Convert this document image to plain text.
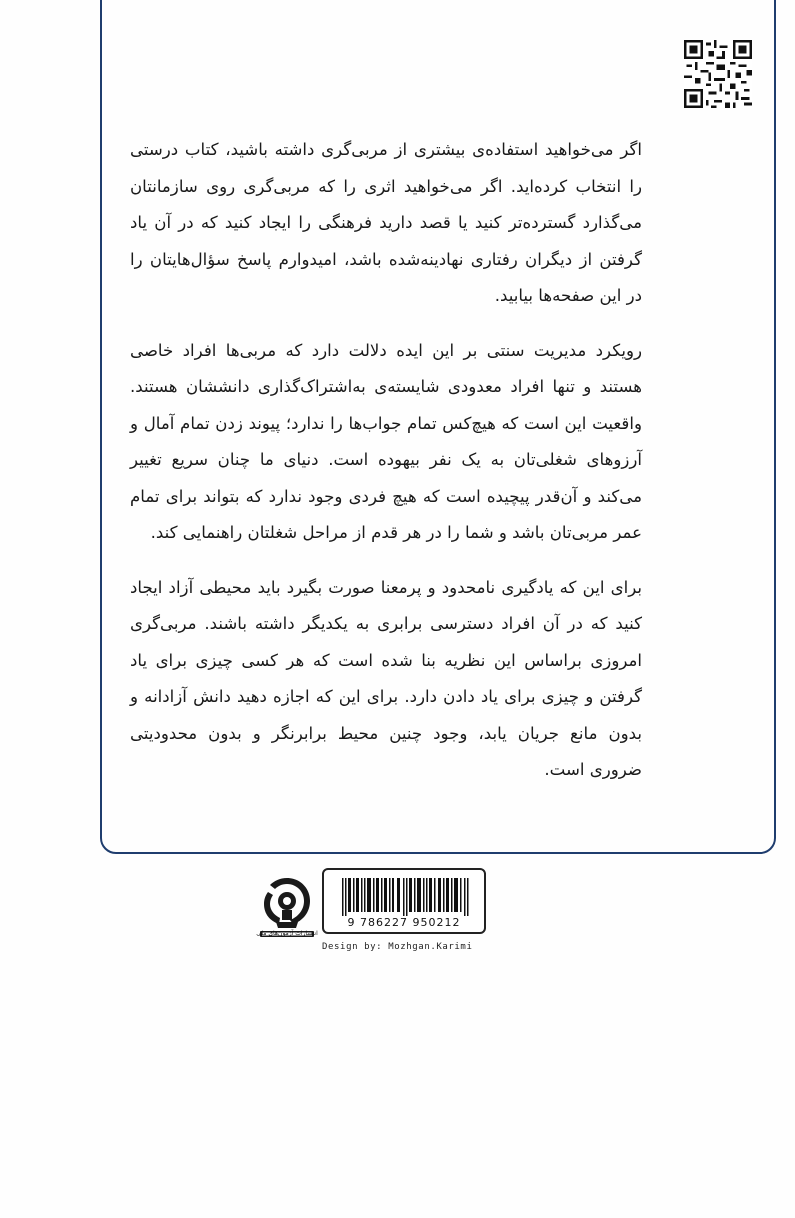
اگر می‌خواهید استفاده‌ی بیشتری از مربی‌گری داشته باشید، کتاب درستی را انتخاب کرده‌اید. اگر می‌خواهید اثری را که مربی‌گری روی سازمانتان می‌گذارد گسترده‌تر کنید یا قصد دارید فرهنگی را ایجاد کنید که در آن یاد گرفتن از دیگران رفتاری نهادینه‌شده باشد، امیدوارم پاسخ سؤال‌هایتان را در این صفحه‌ها بیابید.

رویکرد مدیریت سنتی بر این ایده دلالت دارد که مربی‌ها افراد خاصی هستند و تنها افراد معدودی شایسته‌ی به‌اشتراک‌گذاری دانششان هستند. واقعیت این است که هیچ‌کس تمام جواب‌ها را ندارد؛ پیوند زدن تمام آمال و آرزوهای شغلی‌تان به یک نفر بیهوده است. دنیای ما چنان سریع تغییر می‌کند و آن‌قدر پیچیده است که هیچ فردی وجود ندارد که بتواند برای تمام عمر مربی‌تان باشد و شما را در هر قدم از مراحل شغلتان راهنمایی کند.

برای این که یادگیری نامحدود و پرمعنا صورت بگیرد باید محیطی آزاد ایجاد کنید که در آن افراد دسترسی برابری به یکدیگر داشته باشند. مربی‌گری امروزی براساس این نظریه بنا شده است که هر کسی چیزی برای یاد گرفتن و چیزی برای یاد دادن دارد. برای این که اجازه دهید دانش آزادانه و بدون مانع جریان یابد، وجود چنین محیط برابرنگر و بدون محدودیتی ضروری است.

انتشارات آزمون‌های ملی
9 786227 950212
Design by: Mozhgan.Karimi
